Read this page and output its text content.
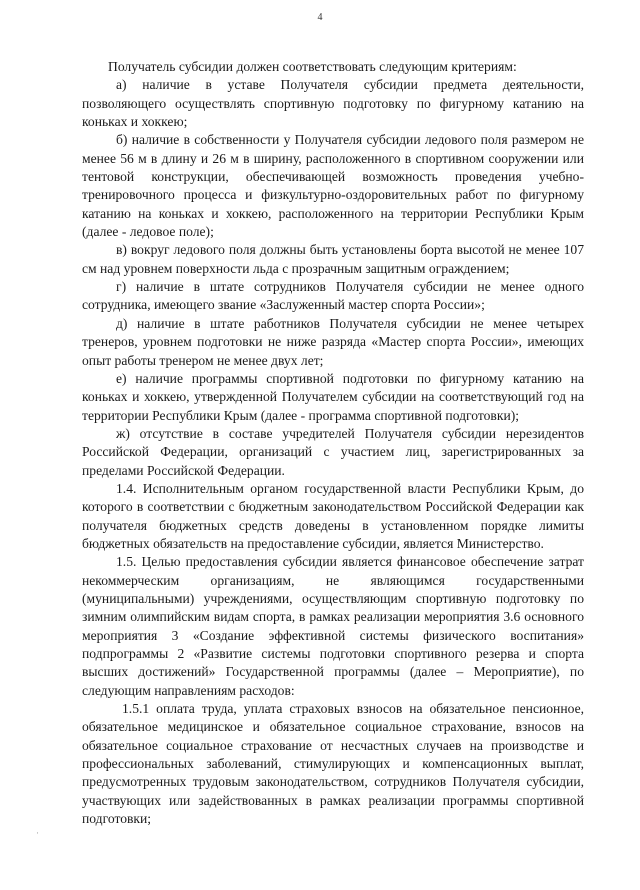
4

Получатель субсидии должен соответствовать следующим критериям:

а) наличие в уставе Получателя субсидии предмета деятельности, позволяющего осуществлять спортивную подготовку по фигурному катанию на коньках и хоккею;

б) наличие в собственности у Получателя субсидии ледового поля размером не менее 56 м в длину и 26 м в ширину, расположенного в спортивном сооружении или тентовой конструкции, обеспечивающей возможность проведения учебно-тренировочного процесса и физкультурно-оздоровительных работ по фигурному катанию на коньках и хоккею, расположенного на территории Республики Крым (далее - ледовое поле);

в) вокруг ледового поля должны быть установлены борта высотой не менее 107 см над уровнем поверхности льда с прозрачным защитным ограждением;

г) наличие в штате сотрудников Получателя субсидии не менее одного сотрудника, имеющего звание «Заслуженный мастер спорта России»;

д) наличие в штате работников Получателя субсидии не менее четырех тренеров, уровнем подготовки не ниже разряда «Мастер спорта России», имеющих опыт работы тренером не менее двух лет;

е) наличие программы спортивной подготовки по фигурному катанию на коньках и хоккею, утвержденной Получателем субсидии на соответствующий год на территории Республики Крым (далее - программа спортивной подготовки);

ж) отсутствие в составе учредителей Получателя субсидии нерезидентов Российской Федерации, организаций с участием лиц, зарегистрированных за пределами Российской Федерации.

1.4. Исполнительным органом государственной власти Республики Крым, до которого в соответствии с бюджетным законодательством Российской Федерации как получателя бюджетных средств доведены в установленном порядке лимиты бюджетных обязательств на предоставление субсидии, является Министерство.

1.5. Целью предоставления субсидии является финансовое обеспечение затрат некоммерческим организациям, не являющимся государственными (муниципальными) учреждениями, осуществляющим спортивную подготовку по зимним олимпийским видам спорта, в рамках реализации мероприятия 3.6 основного мероприятия 3 «Создание эффективной системы физического воспитания» подпрограммы 2 «Развитие системы подготовки спортивного резерва и спорта высших достижений» Государственной программы (далее – Мероприятие), по следующим направлениям расходов:

1.5.1 оплата труда, уплата страховых взносов на обязательное пенсионное, обязательное медицинское и обязательное социальное страхование, взносов на обязательное социальное страхование от несчастных случаев на производстве и профессиональных заболеваний, стимулирующих и компенсационных выплат, предусмотренных трудовым законодательством, сотрудников Получателя субсидии, участвующих или задействованных в рамках реализации программы спортивной подготовки;

·
